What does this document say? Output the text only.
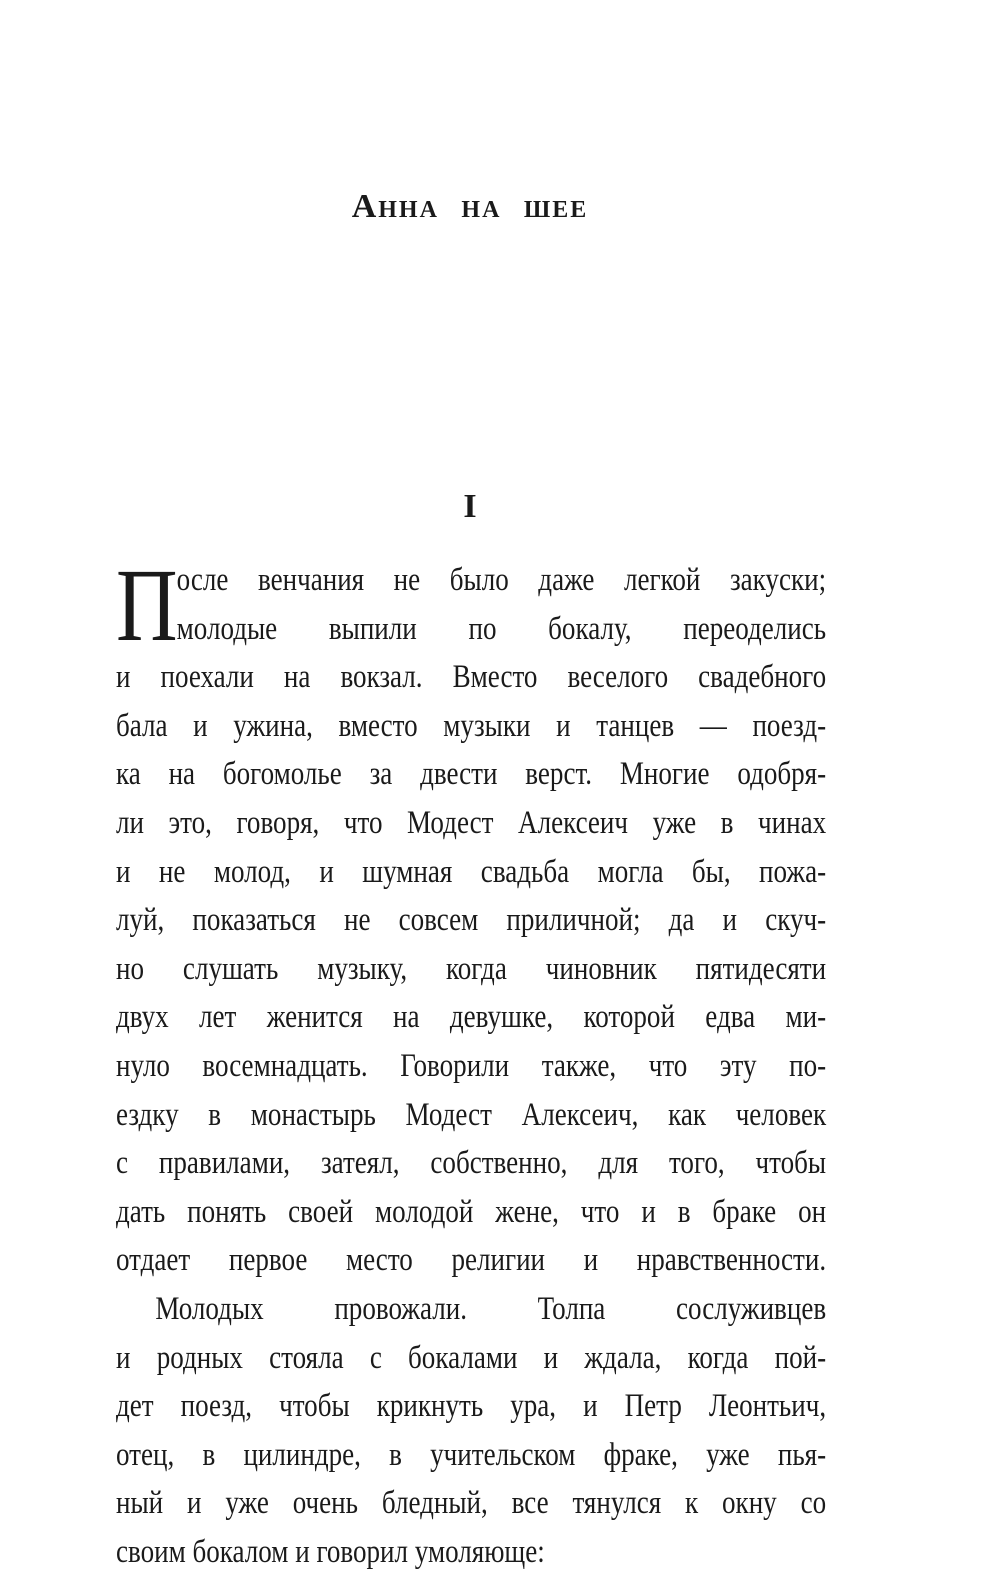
Анна на шее
I
П осле венчания не было даже легкой закуски;
молодые выпили по бокалу, переоделись
и поехали на вокзал. Вместо веселого свадебного
бала и ужина, вместо музыки и танцев — поезд-
ка на богомолье за двести верст. Многие одобря-
ли это, говоря, что Модест Алексеич уже в чинах
и не молод, и шумная свадьба могла бы, пожа-
луй, показаться не совсем приличной; да и скуч-
но слушать музыку, когда чиновник пятидесяти
двух лет женится на девушке, которой едва ми-
нуло восемнадцать. Говорили также, что эту по-
ездку в монастырь Модест Алексеич, как человек
с правилами, затеял, собственно, для того, чтобы
дать понять своей молодой жене, что и в браке он
отдает первое место религии и нравственности.
Молодых провожали. Толпа сослуживцев
и родных стояла с бокалами и ждала, когда пой-
дет поезд, чтобы крикнуть ура, и Петр Леонтьич,
отец, в цилиндре, в учительском фраке, уже пья-
ный и уже очень бледный, все тянулся к окну со
своим бокалом и говорил умоляюще:
